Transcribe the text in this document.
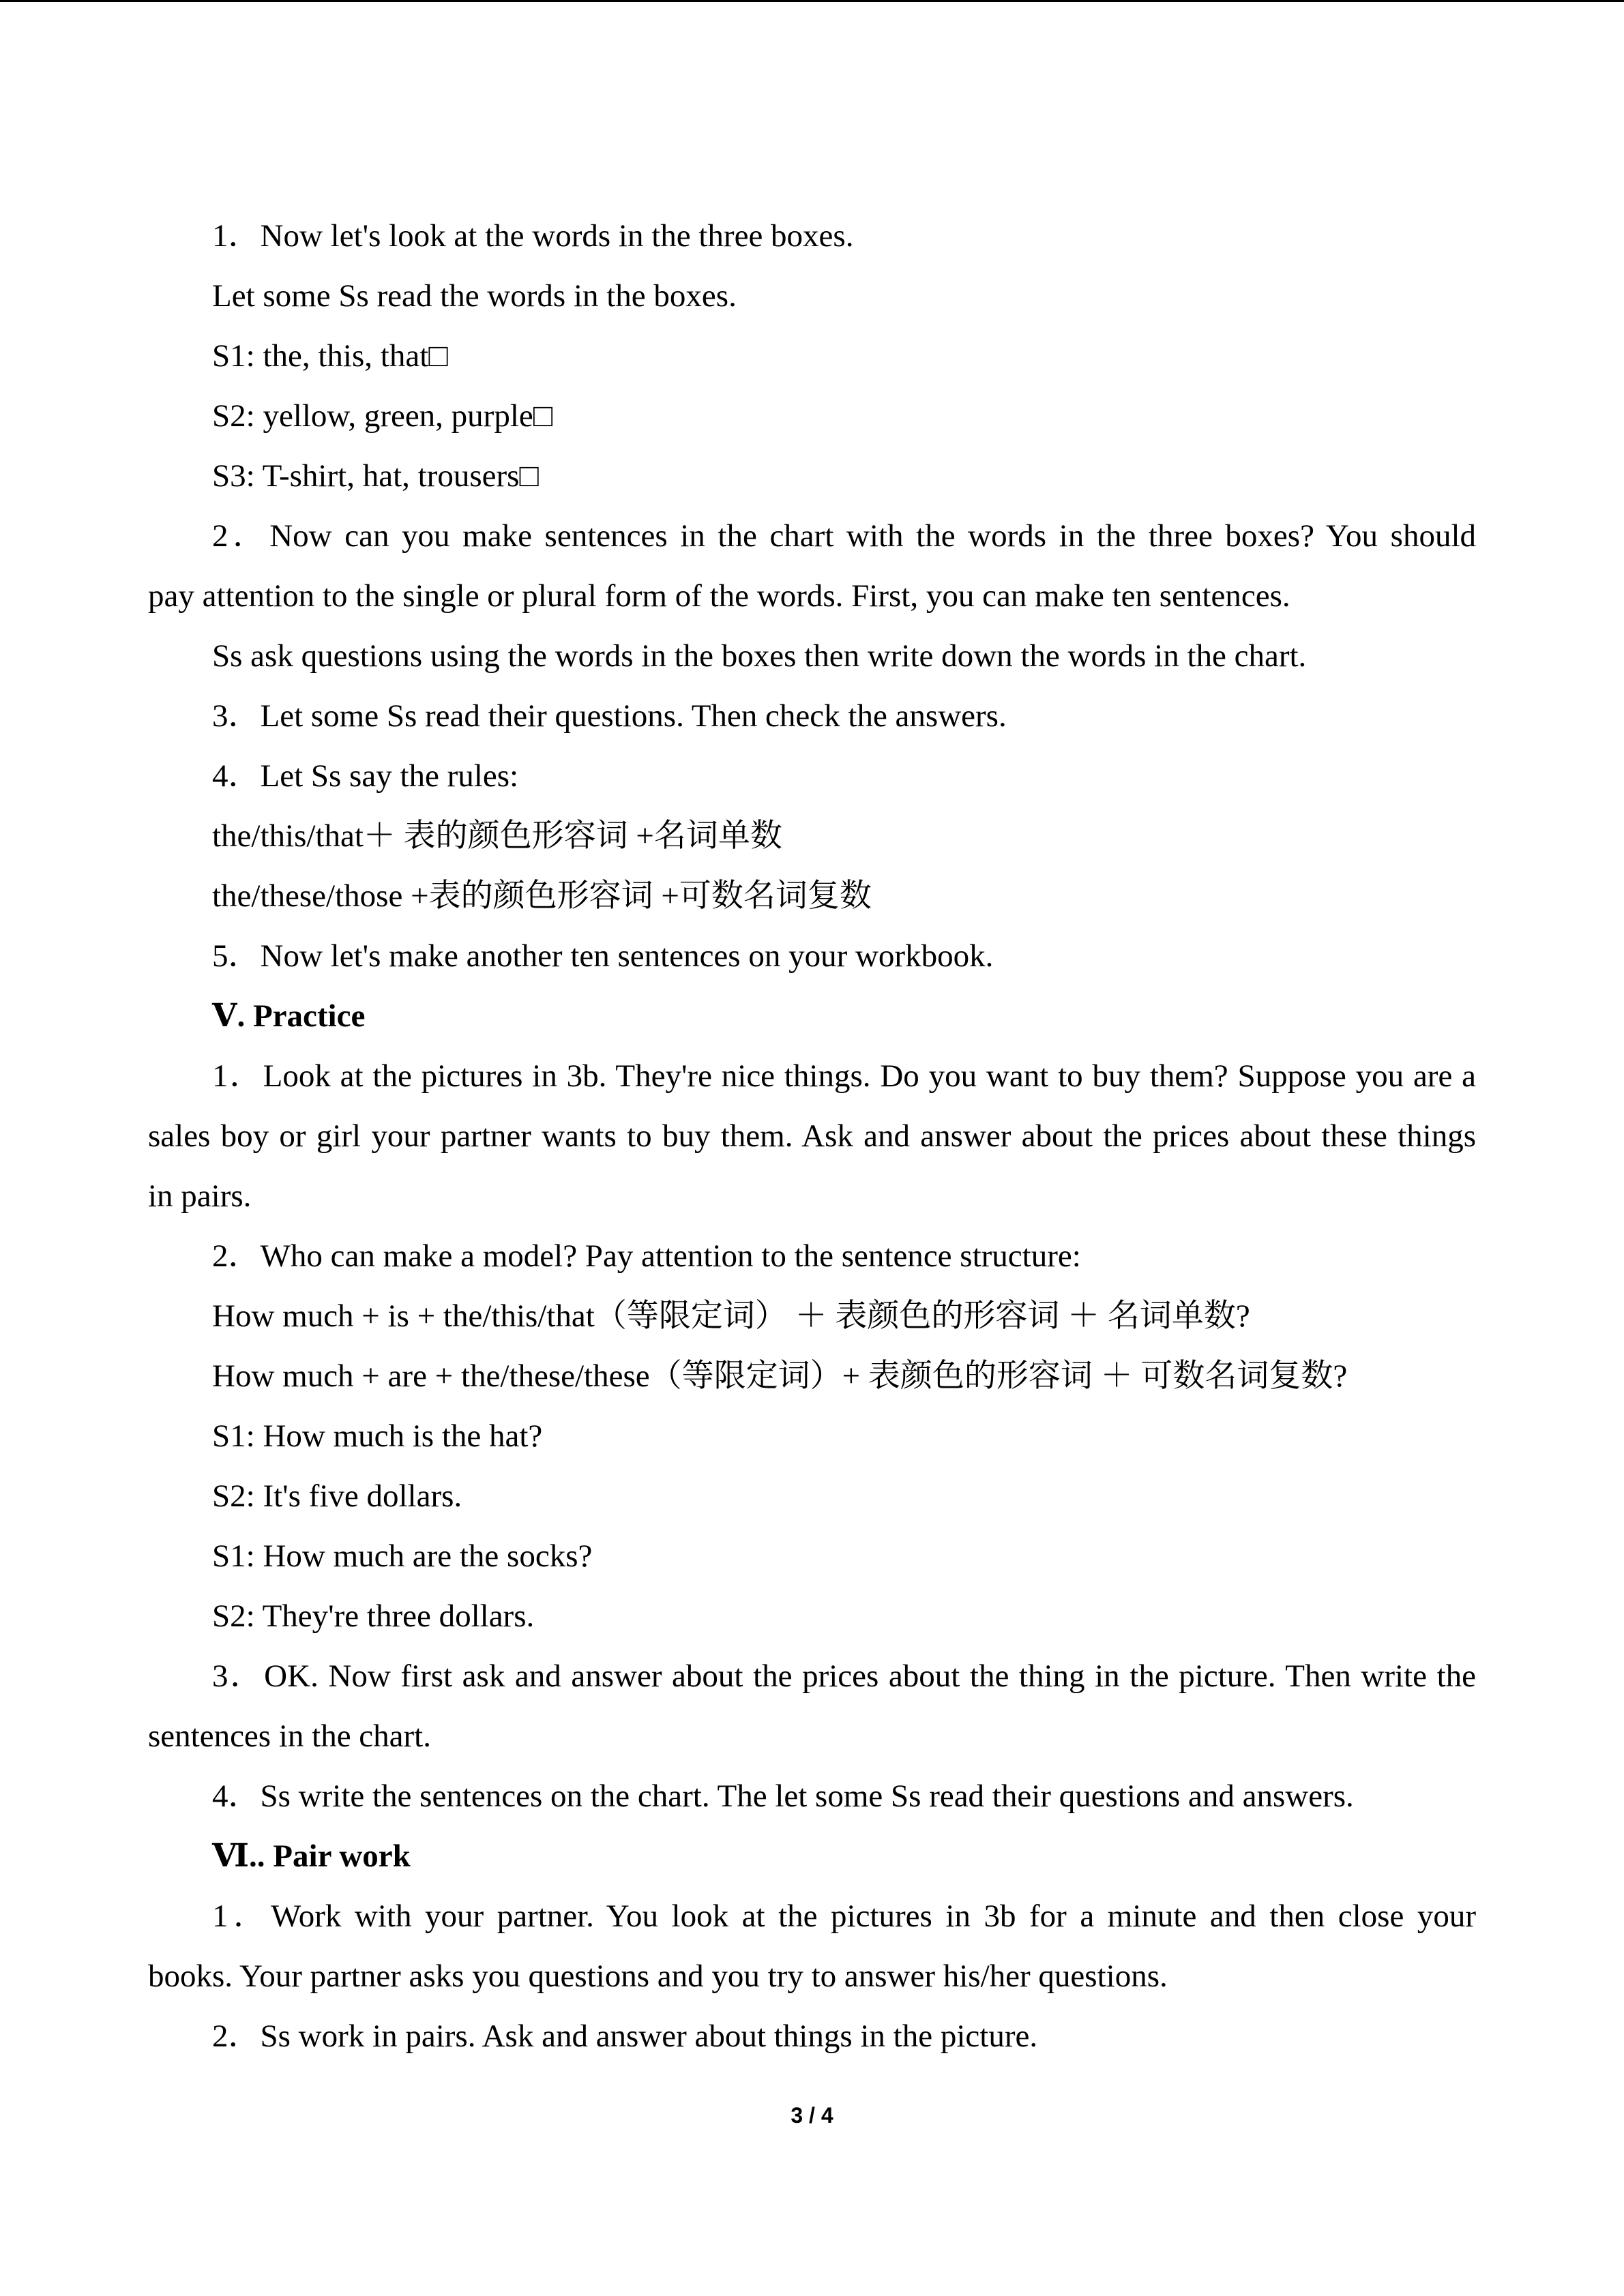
1．Now let's look at the words in the three boxes.
Let some Ss read the words in the boxes.
S1: the, this, that□
S2: yellow, green, purple□
S3: T-shirt, hat, trousers□
2．Now can you make sentences in the chart with the words in the three boxes? You should
pay attention to the single or plural form of the words. First, you can make ten sentences.
Ss ask questions using the words in the boxes then write down the words in the chart.
3．Let some Ss read their questions. Then check the answers.
4．Let Ss say the rules:
the/this/that＋ 表的颜色形容词 +名词单数
the/these/those +表的颜色形容词 +可数名词复数
5．Now let's make another ten sentences on your workbook.
Ⅴ. Practice
1．Look at the pictures in 3b. They're nice things. Do you want to buy them? Suppose you are a
sales boy or girl your partner wants to buy them. Ask and answer about the prices about these things
in pairs.
2．Who can make a model? Pay attention to the sentence structure:
How much + is + the/this/that（等限定词） ＋ 表颜色的形容词 ＋ 名词单数?
How much + are + the/these/these（等限定词）+ 表颜色的形容词 ＋ 可数名词复数?
S1: How much is the hat?
S2: It's five dollars.
S1: How much are the socks?
S2: They're three dollars.
3．OK. Now first ask and answer about the prices about the thing in the picture. Then write the
sentences in the chart.
4．Ss write the sentences on the chart. The let some Ss read their questions and answers.
Ⅵ.. Pair work
1．Work with your partner. You look at the pictures in 3b for a minute and then close your
books. Your partner asks you questions and you try to answer his/her questions.
2．Ss work in pairs. Ask and answer about things in the picture.
3 / 4
